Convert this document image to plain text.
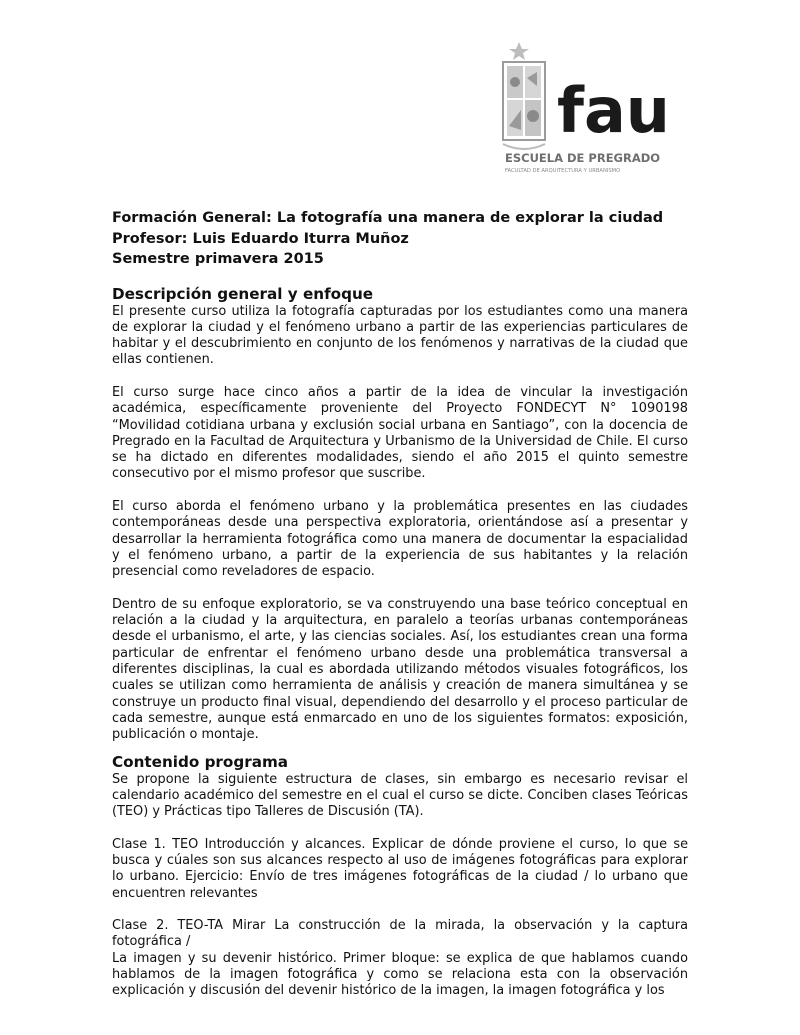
fau
ESCUELA DE PREGRADO
FACULTAD DE ARQUITECTURA Y URBANISMO
Formación General: La fotografía una manera de explorar la ciudad
Profesor: Luis Eduardo Iturra Muñoz
Semestre primavera 2015
Descripción general y enfoque

El presente curso utiliza la fotografía capturadas por los estudiantes como una manera de explorar la ciudad y el fenómeno urbano a partir de las experiencias particulares de habitar y el descubrimiento en conjunto de los fenómenos y narrativas de la ciudad que ellas contienen.

El curso surge hace cinco años a partir de la idea de vincular la investigación académica, específicamente proveniente del Proyecto FONDECYT N° 1090198 “Movilidad cotidiana urbana y exclusión social urbana en Santiago”, con la docencia de Pregrado en la Facultad de Arquitectura y Urbanismo de la Universidad de Chile. El curso se ha dictado en diferentes modalidades, siendo el año 2015 el quinto semestre consecutivo por el mismo profesor que suscribe.

El curso aborda el fenómeno urbano y la problemática presentes en las ciudades contemporáneas desde una perspectiva exploratoria, orientándose así a presentar y desarrollar la herramienta fotográfica como una manera de documentar la espacialidad y el fenómeno urbano, a partir de la experiencia de sus habitantes y la relación presencial como reveladores de espacio.

Dentro de su enfoque exploratorio, se va construyendo una base teórico conceptual en relación a la ciudad y la arquitectura, en paralelo a teorías urbanas contemporáneas desde el urbanismo, el arte, y las ciencias sociales. Así, los estudiantes crean una forma particular de enfrentar el fenómeno urbano desde una problemática transversal a diferentes disciplinas, la cual es abordada utilizando métodos visuales fotográficos, los cuales se utilizan como herramienta de análisis y creación de manera simultánea y se construye un producto final visual, dependiendo del desarrollo y el proceso particular de cada semestre, aunque está enmarcado en uno de los siguientes formatos: exposición, publicación o montaje.

Contenido programa

Se propone la siguiente estructura de clases, sin embargo es necesario revisar el calendario académico del semestre en el cual el curso se dicte. Conciben clases Teóricas (TEO) y Prácticas tipo Talleres de Discusión (TA).

Clase 1. TEO Introducción y alcances. Explicar de dónde proviene el curso, lo que se busca y cúales son sus alcances respecto al uso de imágenes fotográficas para explorar lo urbano. Ejercicio: Envío de tres imágenes fotográficas de la ciudad / lo urbano que encuentren relevantes

Clase 2. TEO-TA Mirar La construcción de la mirada, la observación y la captura fotográfica /

La imagen y su devenir histórico. Primer bloque: se explica de que hablamos cuando hablamos de la imagen fotográfica y como se relaciona esta con la observación explicación y discusión del devenir histórico de la imagen, la imagen fotográfica y los
